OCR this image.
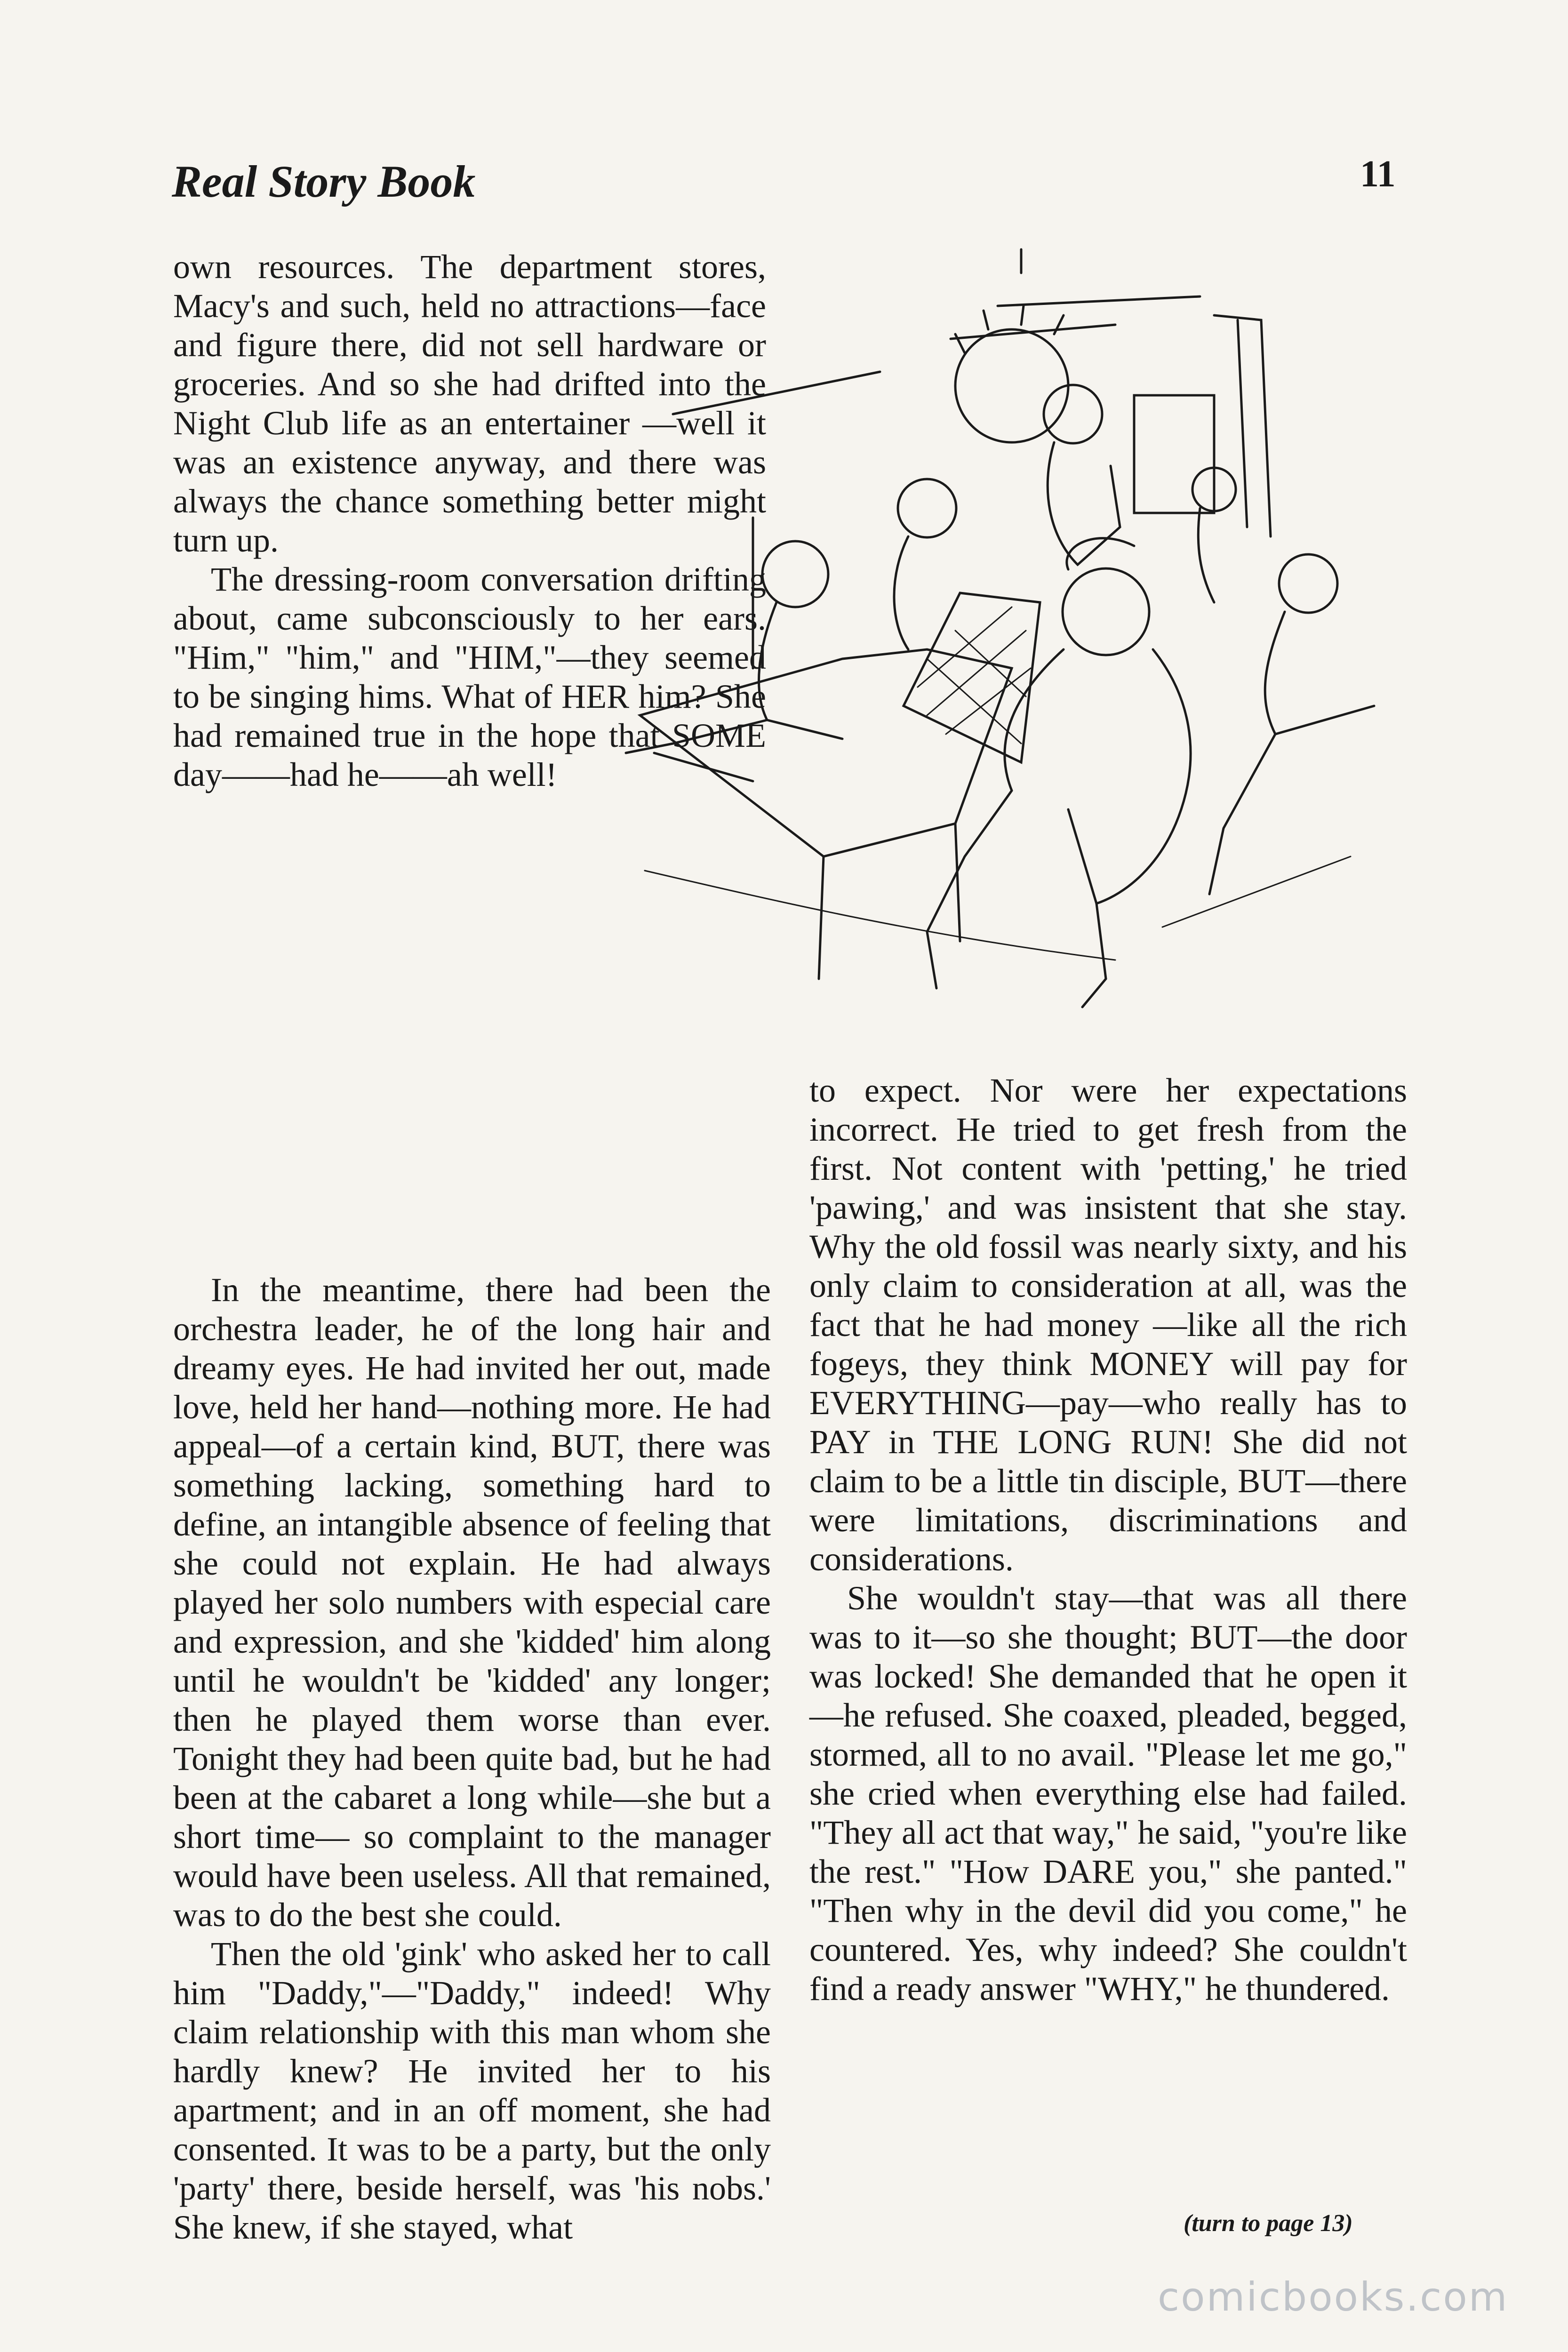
Real Story Book	11

own resources. The department stores, Macy's and such, held no attractions—face and figure there, did not sell hardware or groceries. And so she had drifted into the Night Club life as an entertainer —well it was an existence anyway, and there was always the chance something better might turn up.

The dressing-room conversation drifting about, came subconsciously to her ears. "Him," "him," and "HIM,"—they seemed to be singing hims. What of HER him? She had remained true in the hope that SOME day——had he——ah well!

In the meantime, there had been the orchestra leader, he of the long hair and dreamy eyes. He had invited her out, made love, held her hand—nothing more. He had appeal—of a certain kind, BUT, there was something lacking, something hard to define, an intangible absence of feeling that she could not explain. He had always played her solo numbers with especial care and expression, and she 'kidded' him along until he wouldn't be 'kidded' any longer; then he played them worse than ever. Tonight they had been quite bad, but he had been at the cabaret a long while—she but a short time— so complaint to the manager would have been useless. All that remained, was to do the best she could.

Then the old 'gink' who asked her to call him "Daddy,"—"Daddy," indeed! Why claim relationship with this man whom she hardly knew? He invited her to his apartment; and in an off moment, she had consented. It was to be a party, but the only 'party' there, beside herself, was 'his nobs.' She knew, if she stayed, what

to expect. Nor were her expectations incorrect. He tried to get fresh from the first. Not content with 'petting,' he tried 'pawing,' and was insistent that she stay. Why the old fossil was nearly sixty, and his only claim to consideration at all, was the fact that he had money —like all the rich fogeys, they think MONEY will pay for EVERYTHING—pay—who really has to PAY in THE LONG RUN! She did not claim to be a little tin disciple, BUT—there were limitations, discriminations and considerations.

She wouldn't stay—that was all there was to it—so she thought; BUT—the door was locked! She demanded that he open it—he refused. She coaxed, pleaded, begged, stormed, all to no avail. "Please let me go," she cried when everything else had failed. "They all act that way," he said, "you're like the rest." "How DARE you," she panted." "Then why in the devil did you come," he countered. Yes, why indeed? She couldn't find a ready answer "WHY," he thundered.

(turn to page 13)
comicbooks.com
